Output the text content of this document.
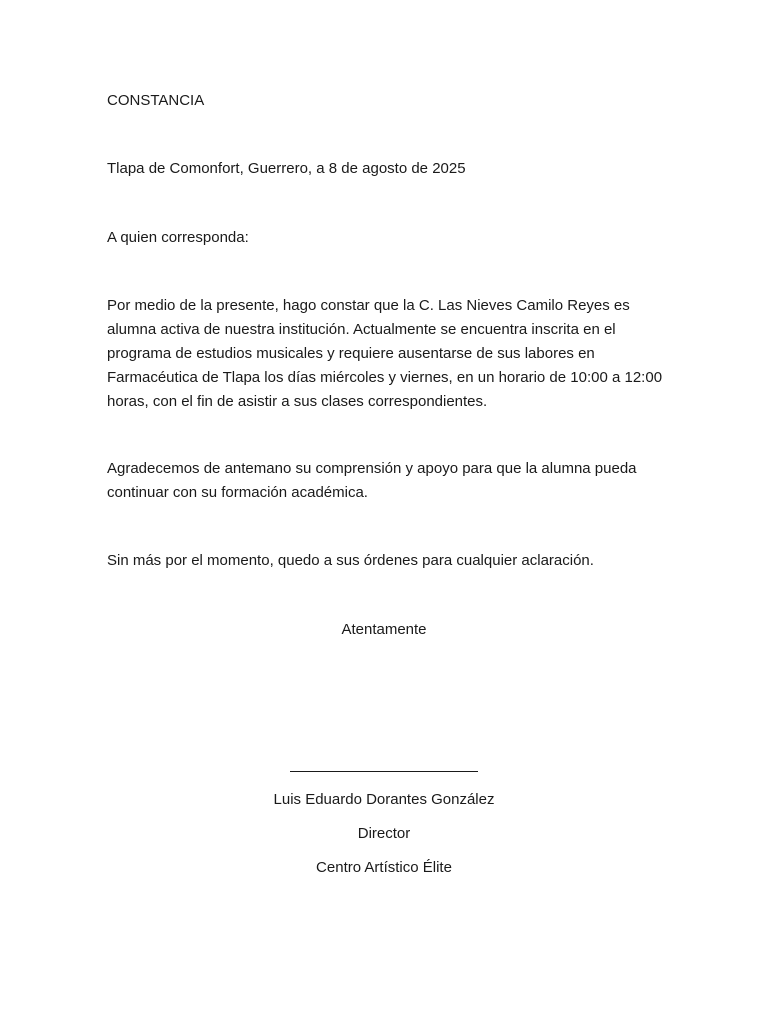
CONSTANCIA

Tlapa de Comonfort, Guerrero, a 8 de agosto de 2025

A quien corresponda:

Por medio de la presente, hago constar que la C. Las Nieves Camilo Reyes es alumna activa de nuestra institución. Actualmente se encuentra inscrita en el programa de estudios musicales y requiere ausentarse de sus labores en Farmacéutica de Tlapa los días miércoles y viernes, en un horario de 10:00 a 12:00 horas, con el fin de asistir a sus clases correspondientes.

Agradecemos de antemano su comprensión y apoyo para que la alumna pueda continuar con su formación académica.

Sin más por el momento, quedo a sus órdenes para cualquier aclaración.

Atentamente

Luis Eduardo Dorantes González

Director

Centro Artístico Élite
